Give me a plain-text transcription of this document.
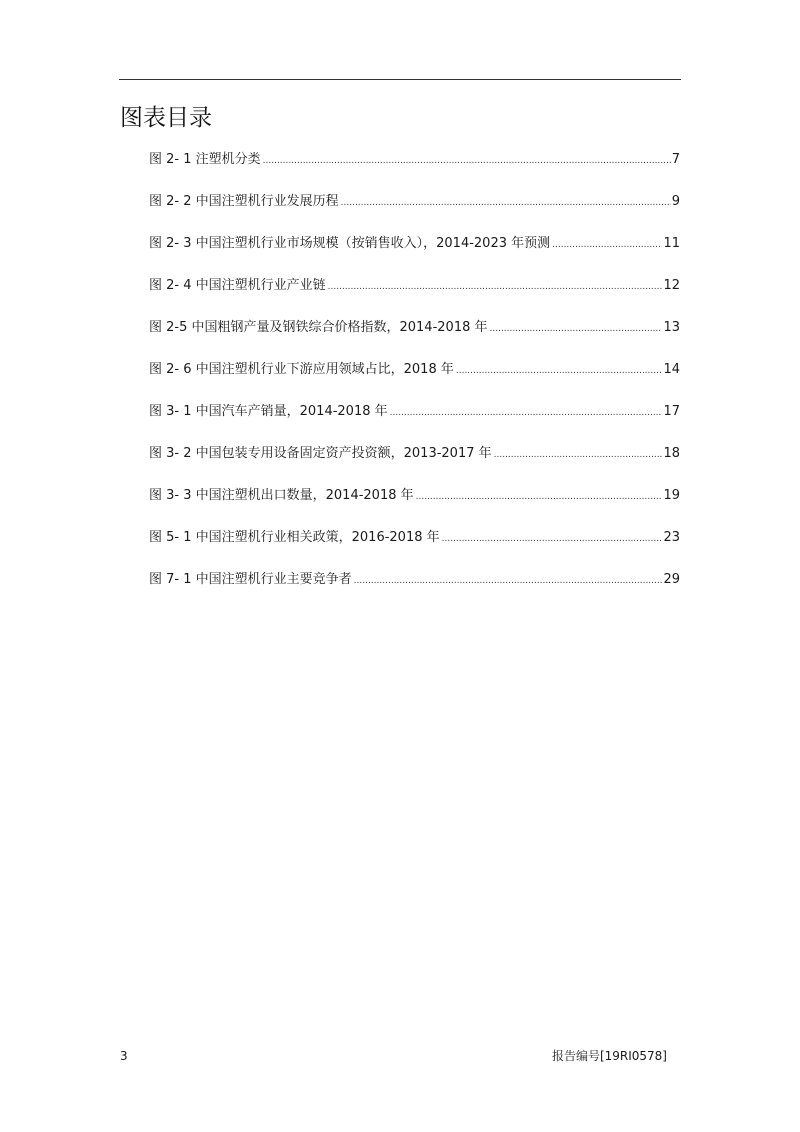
图表目录
图 2- 1 注塑机分类 .....	7
图 2- 2 中国注塑机行业发展历程 .....	9
图 2- 3 中国注塑机行业市场规模（按销售收入），2014-2023 年预测 .....	11
图 2- 4 中国注塑机行业产业链 .....	12
图 2-5 中国粗钢产量及钢铁综合价格指数，2014-2018 年 .....	13
图 2- 6 中国注塑机行业下游应用领域占比，2018 年 .....	14
图 3- 1 中国汽车产销量，2014-2018 年 .....	17
图 3- 2 中国包装专用设备固定资产投资额，2013-2017 年 .....	18
图 3- 3 中国注塑机出口数量，2014-2018 年 .....	19
图 5- 1 中国注塑机行业相关政策，2016-2018 年 .....	23
图 7- 1 中国注塑机行业主要竞争者 .....	29
3	报告编号[19RI0578]
